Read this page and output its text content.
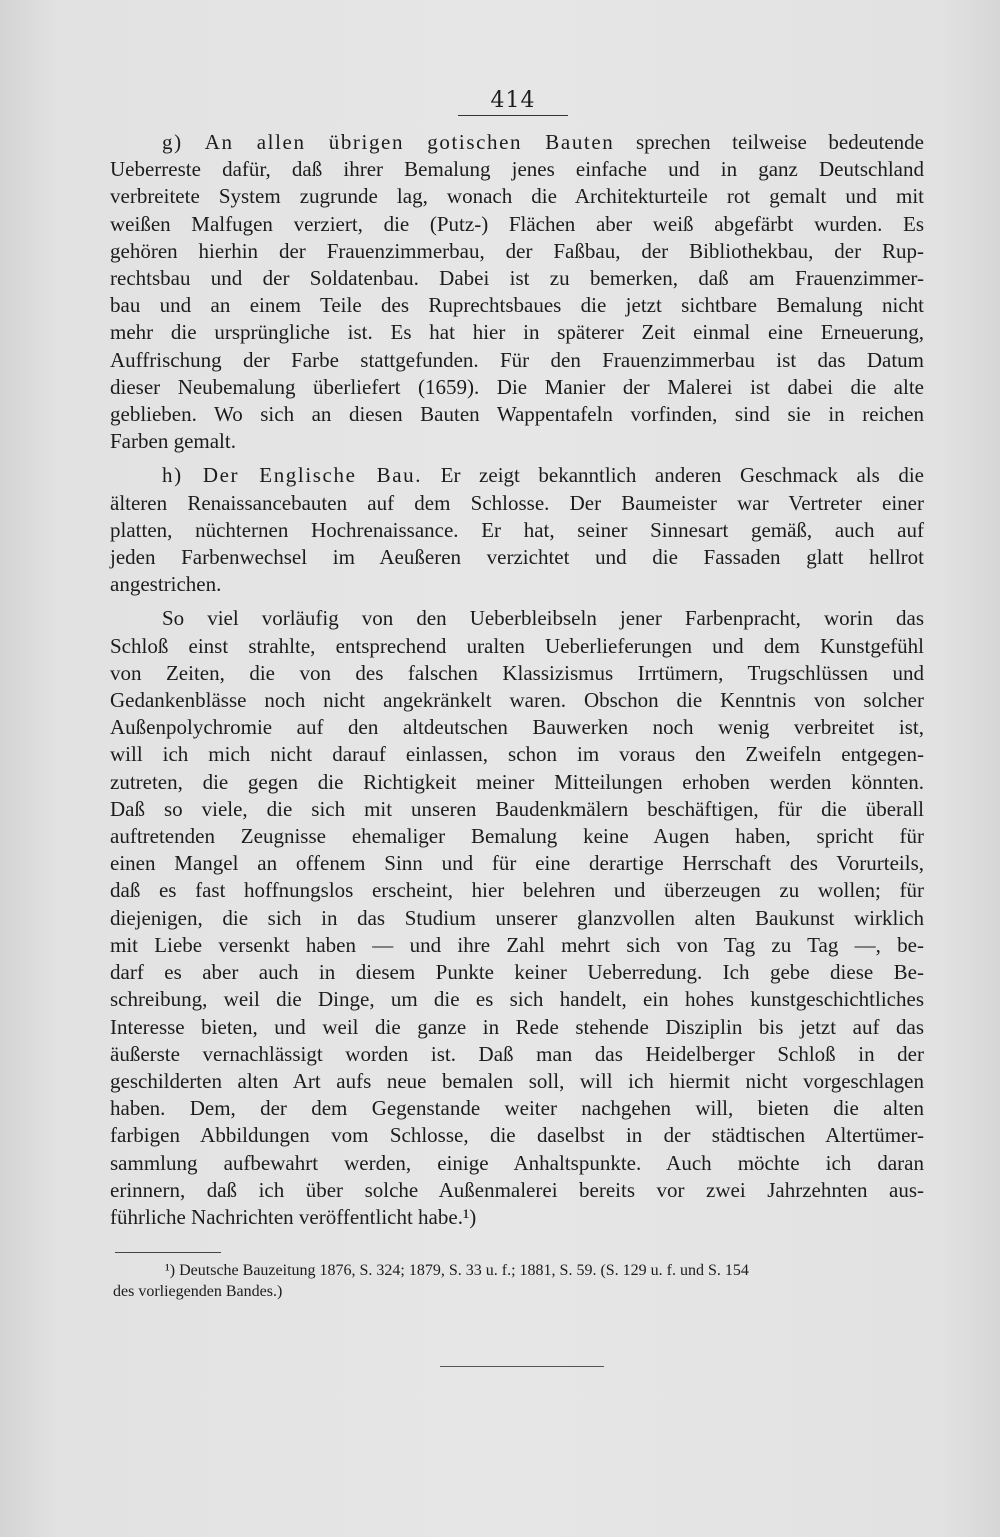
414
g) An allen übrigen gotischen Bauten sprechen teilweise bedeutende
Ueberreste dafür, daß ihrer Bemalung jenes einfache und in ganz Deutschland
verbreitete System zugrunde lag, wonach die Architekturteile rot gemalt und mit
weißen Malfugen verziert, die (Putz-) Flächen aber weiß abgefärbt wurden. Es
gehören hierhin der Frauenzimmerbau, der Faßbau, der Bibliothekbau, der Rup-
rechtsbau und der Soldatenbau. Dabei ist zu bemerken, daß am Frauenzimmer-
bau und an einem Teile des Ruprechtsbaues die jetzt sichtbare Bemalung nicht
mehr die ursprüngliche ist. Es hat hier in späterer Zeit einmal eine Erneuerung,
Auffrischung der Farbe stattgefunden. Für den Frauenzimmerbau ist das Datum
dieser Neubemalung überliefert (1659). Die Manier der Malerei ist dabei die alte
geblieben. Wo sich an diesen Bauten Wappentafeln vorfinden, sind sie in reichen
Farben gemalt.
h) Der Englische Bau. Er zeigt bekanntlich anderen Geschmack als die
älteren Renaissancebauten auf dem Schlosse. Der Baumeister war Vertreter einer
platten, nüchternen Hochrenaissance. Er hat, seiner Sinnesart gemäß, auch auf
jeden Farbenwechsel im Aeußeren verzichtet und die Fassaden glatt hellrot
angestrichen.
So viel vorläufig von den Ueberbleibseln jener Farbenpracht, worin das
Schloß einst strahlte, entsprechend uralten Ueberlieferungen und dem Kunstgefühl
von Zeiten, die von des falschen Klassizismus Irrtümern, Trugschlüssen und
Gedankenblässe noch nicht angekränkelt waren. Obschon die Kenntnis von solcher
Außenpolychromie auf den altdeutschen Bauwerken noch wenig verbreitet ist,
will ich mich nicht darauf einlassen, schon im voraus den Zweifeln entgegen-
zutreten, die gegen die Richtigkeit meiner Mitteilungen erhoben werden könnten.
Daß so viele, die sich mit unseren Baudenkmälern beschäftigen, für die überall
auftretenden Zeugnisse ehemaliger Bemalung keine Augen haben, spricht für
einen Mangel an offenem Sinn und für eine derartige Herrschaft des Vorurteils,
daß es fast hoffnungslos erscheint, hier belehren und überzeugen zu wollen; für
diejenigen, die sich in das Studium unserer glanzvollen alten Baukunst wirklich
mit Liebe versenkt haben — und ihre Zahl mehrt sich von Tag zu Tag —, be-
darf es aber auch in diesem Punkte keiner Ueberredung. Ich gebe diese Be-
schreibung, weil die Dinge, um die es sich handelt, ein hohes kunstgeschichtliches
Interesse bieten, und weil die ganze in Rede stehende Disziplin bis jetzt auf das
äußerste vernachlässigt worden ist. Daß man das Heidelberger Schloß in der
geschilderten alten Art aufs neue bemalen soll, will ich hiermit nicht vorgeschlagen
haben. Dem, der dem Gegenstande weiter nachgehen will, bieten die alten
farbigen Abbildungen vom Schlosse, die daselbst in der städtischen Altertümer-
sammlung aufbewahrt werden, einige Anhaltspunkte. Auch möchte ich daran
erinnern, daß ich über solche Außenmalerei bereits vor zwei Jahrzehnten aus-
führliche Nachrichten veröffentlicht habe.¹)
¹) Deutsche Bauzeitung 1876, S. 324; 1879, S. 33 u. f.; 1881, S. 59. (S. 129 u. f. und S. 154
des vorliegenden Bandes.)
